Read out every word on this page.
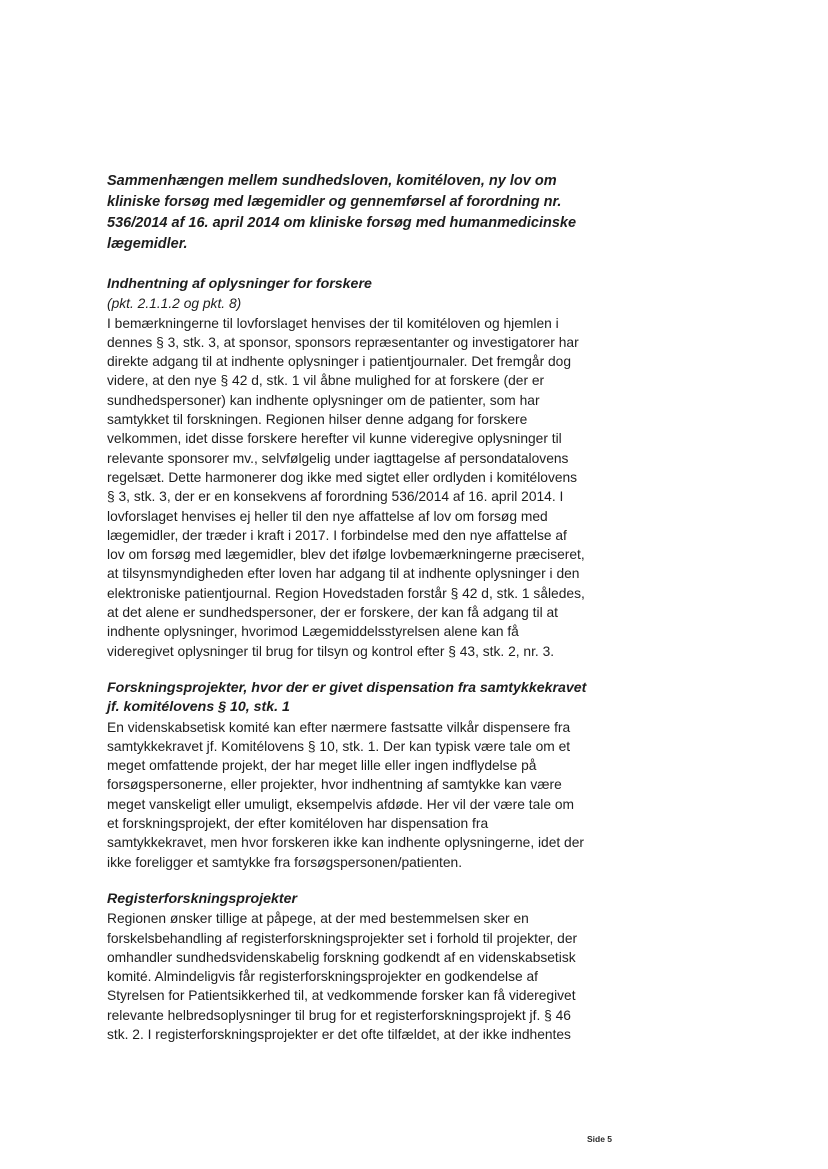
Sammenhængen mellem sundhedsloven, komitéloven, ny lov om
kliniske forsøg med lægemidler og gennemførsel af forordning nr.
536/2014 af 16. april 2014 om kliniske forsøg med humanmedicinske
lægemidler.
Indhentning af oplysninger for forskere

(pkt. 2.1.1.2 og pkt. 8)

I bemærkningerne til lovforslaget henvises der til komitéloven og hjemlen i
dennes § 3, stk. 3, at sponsor, sponsors repræsentanter og investigatorer har
direkte adgang til at indhente oplysninger i patientjournaler. Det fremgår dog
videre, at den nye § 42 d, stk. 1 vil åbne mulighed for at forskere (der er
sundhedspersoner) kan indhente oplysninger om de patienter, som har
samtykket til forskningen. Regionen hilser denne adgang for forskere
velkommen, idet disse forskere herefter vil kunne videregive oplysninger til
relevante sponsorer mv., selvfølgelig under iagttagelse af persondatalovens
regelsæt. Dette harmonerer dog ikke med sigtet eller ordlyden i komitélovens
§ 3, stk. 3, der er en konsekvens af forordning 536/2014 af 16. april 2014. I
lovforslaget henvises ej heller til den nye affattelse af lov om forsøg med
lægemidler, der træder i kraft i 2017. I forbindelse med den nye affattelse af
lov om forsøg med lægemidler, blev det ifølge lovbemærkningerne præciseret,
at tilsynsmyndigheden efter loven har adgang til at indhente oplysninger i den
elektroniske patientjournal. Region Hovedstaden forstår § 42 d, stk. 1 således,
at det alene er sundhedspersoner, der er forskere, der kan få adgang til at
indhente oplysninger, hvorimod Lægemiddelsstyrelsen alene kan få
videregivet oplysninger til brug for tilsyn og kontrol efter § 43, stk. 2, nr. 3.

Forskningsprojekter, hvor der er givet dispensation fra samtykkekravet
jf. komitélovens § 10, stk. 1

En videnskabsetisk komité kan efter nærmere fastsatte vilkår dispensere fra
samtykkekravet jf. Komitélovens § 10, stk. 1. Der kan typisk være tale om et
meget omfattende projekt, der har meget lille eller ingen indflydelse på
forsøgspersonerne, eller projekter, hvor indhentning af samtykke kan være
meget vanskeligt eller umuligt, eksempelvis afdøde. Her vil der være tale om
et forskningsprojekt, der efter komitéloven har dispensation fra
samtykkekravet, men hvor forskeren ikke kan indhente oplysningerne, idet der
ikke foreligger et samtykke fra forsøgspersonen/patienten.

Registerforskningsprojekter

Regionen ønsker tillige at påpege, at der med bestemmelsen sker en
forskelsbehandling af registerforskningsprojekter set i forhold til projekter, der
omhandler sundhedsvidenskabelig forskning godkendt af en videnskabsetisk
komité. Almindeligvis får registerforskningsprojekter en godkendelse af
Styrelsen for Patientsikkerhed til, at vedkommende forsker kan få videregivet
relevante helbredsoplysninger til brug for et registerforskningsprojekt jf. § 46
stk. 2. I registerforskningsprojekter er det ofte tilfældet, at der ikke indhentes

Side 5
